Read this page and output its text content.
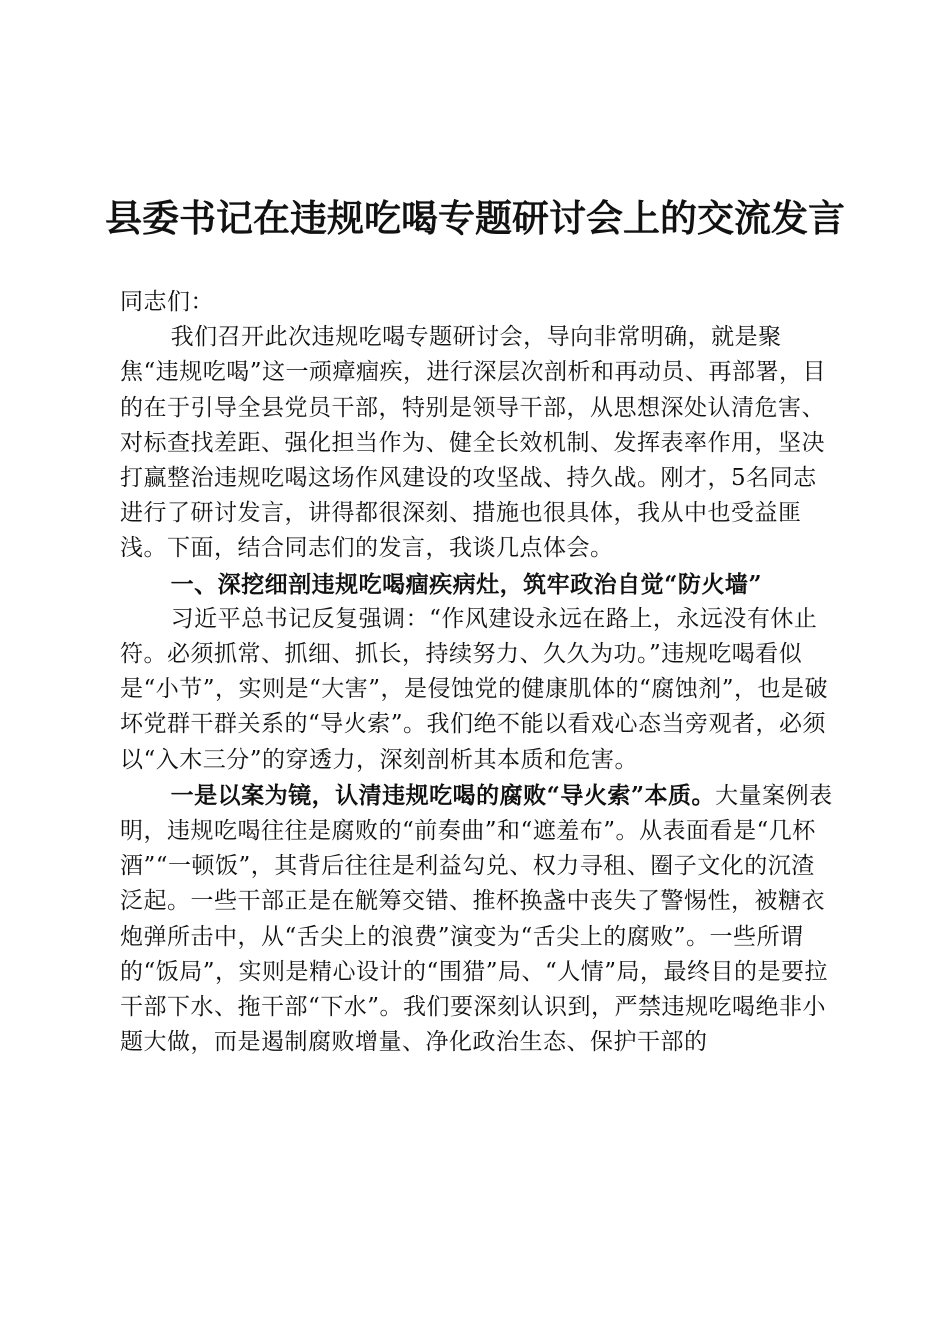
县委书记在违规吃喝专题研讨会上的交流发言

同志们：

我们召开此次违规吃喝专题研讨会，导向非常明确，就是聚焦“违规吃喝”这一顽瘴痼疾，进行深层次剖析和再动员、再部署，目的在于引导全县党员干部，特别是领导干部，从思想深处认清危害、对标查找差距、强化担当作为、健全长效机制、发挥表率作用，坚决打赢整治违规吃喝这场作风建设的攻坚战、持久战。刚才，5名同志进行了研讨发言，讲得都很深刻、措施也很具体，我从中也受益匪浅。下面，结合同志们的发言，我谈几点体会。

一、深挖细剖违规吃喝痼疾病灶，筑牢政治自觉“防火墙”

习近平总书记反复强调：“作风建设永远在路上，永远没有休止符。必须抓常、抓细、抓长，持续努力、久久为功。”违规吃喝看似是“小节”，实则是“大害”，是侵蚀党的健康肌体的“腐蚀剂”，也是破坏党群干群关系的“导火索”。我们绝不能以看戏心态当旁观者，必须以“入木三分”的穿透力，深刻剖析其本质和危害。

一是以案为镜，认清违规吃喝的腐败“导火索”本质。大量案例表明，违规吃喝往往是腐败的“前奏曲”和“遮羞布”。从表面看是“几杯酒”“一顿饭”，其背后往往是利益勾兑、权力寻租、圈子文化的沉渣泛起。一些干部正是在觥筹交错、推杯换盏中丧失了警惕性，被糖衣炮弹所击中，从“舌尖上的浪费”演变为“舌尖上的腐败”。一些所谓的“饭局”，实则是精心设计的“围猎”局、“人情”局，最终目的是要拉干部下水、拖干部“下水”。我们要深刻认识到，严禁违规吃喝绝非小题大做，而是遏制腐败增量、净化政治生态、保护干部的
